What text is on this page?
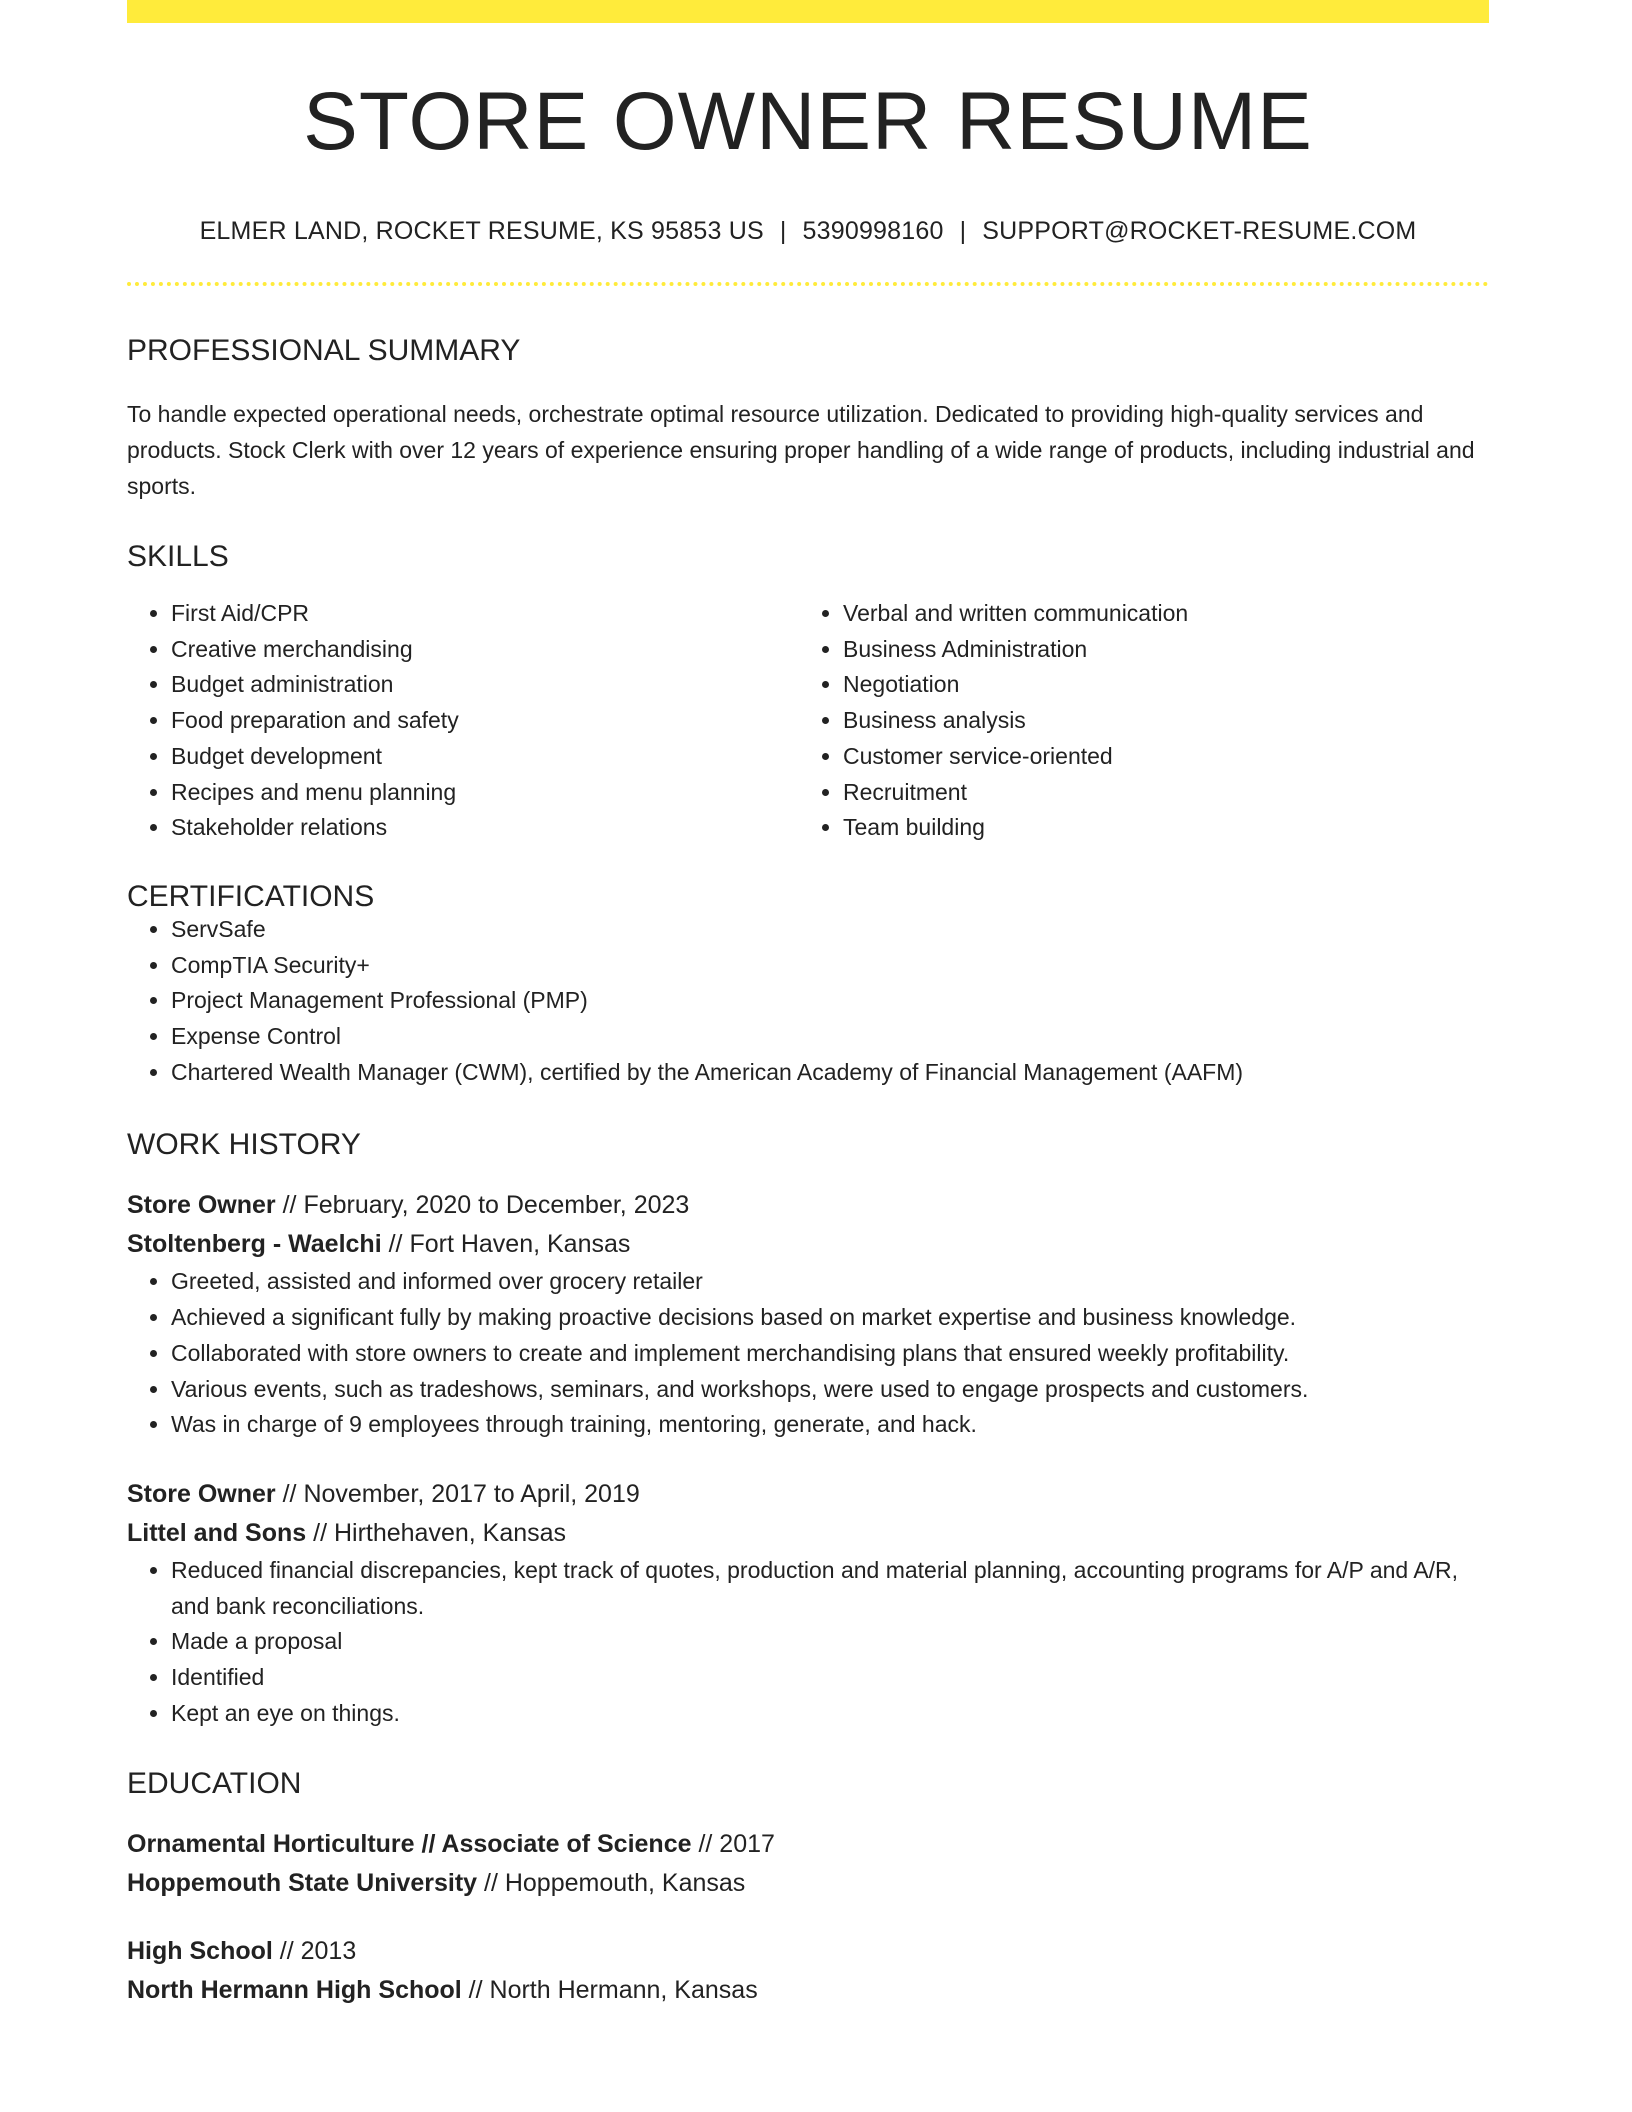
STORE OWNER RESUME
ELMER LAND, ROCKET RESUME, KS 95853 US | 5390998160 | SUPPORT@ROCKET-RESUME.COM
PROFESSIONAL SUMMARY
To handle expected operational needs, orchestrate optimal resource utilization. Dedicated to providing high-quality services and products. Stock Clerk with over 12 years of experience ensuring proper handling of a wide range of products, including industrial and sports.
SKILLS
• First Aid/CPR
• Creative merchandising
• Budget administration
• Food preparation and safety
• Budget development
• Recipes and menu planning
• Stakeholder relations
• Verbal and written communication
• Business Administration
• Negotiation
• Business analysis
• Customer service-oriented
• Recruitment
• Team building
CERTIFICATIONS
• ServSafe
• CompTIA Security+
• Project Management Professional (PMP)
• Expense Control
• Chartered Wealth Manager (CWM), certified by the American Academy of Financial Management (AAFM)
WORK HISTORY
Store Owner // February, 2020 to December, 2023
Stoltenberg - Waelchi // Fort Haven, Kansas
• Greeted, assisted and informed over grocery retailer
• Achieved a significant fully by making proactive decisions based on market expertise and business knowledge.
• Collaborated with store owners to create and implement merchandising plans that ensured weekly profitability.
• Various events, such as tradeshows, seminars, and workshops, were used to engage prospects and customers.
• Was in charge of 9 employees through training, mentoring, generate, and hack.
Store Owner // November, 2017 to April, 2019
Littel and Sons // Hirthehaven, Kansas
• Reduced financial discrepancies, kept track of quotes, production and material planning, accounting programs for A/P and A/R, and bank reconciliations.
• Made a proposal
• Identified
• Kept an eye on things.
EDUCATION
Ornamental Horticulture // Associate of Science // 2017
Hoppemouth State University // Hoppemouth, Kansas
High School // 2013
North Hermann High School // North Hermann, Kansas
